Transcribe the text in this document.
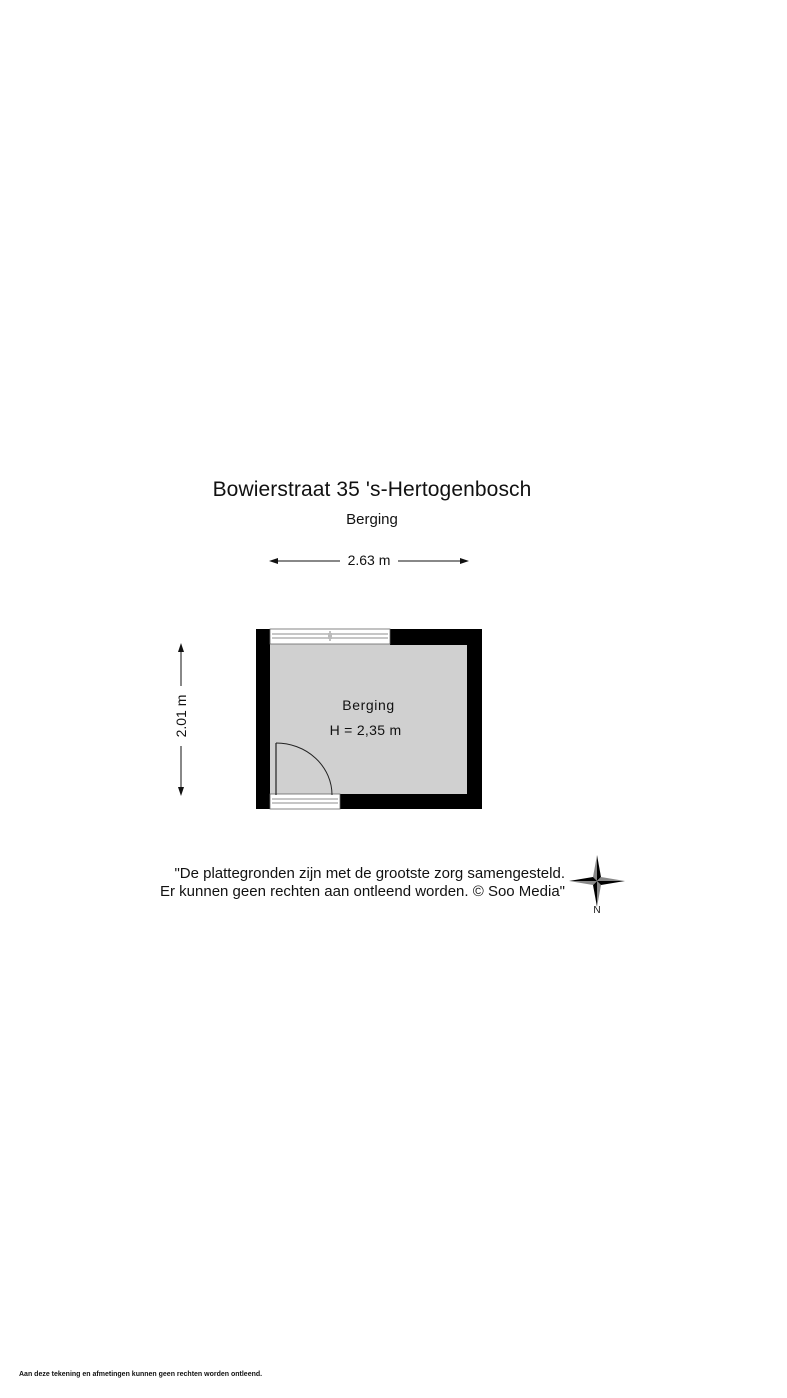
Bowierstraat 35 's-Hertogenbosch
Berging
2.63 m
2.01 m	Berging
H = 2,35 m
"De plattegronden zijn met de grootste zorg samengesteld.
Er kunnen geen rechten aan ontleend worden. © Soo Media"
N
Aan deze tekening en afmetingen kunnen geen rechten worden ontleend.
